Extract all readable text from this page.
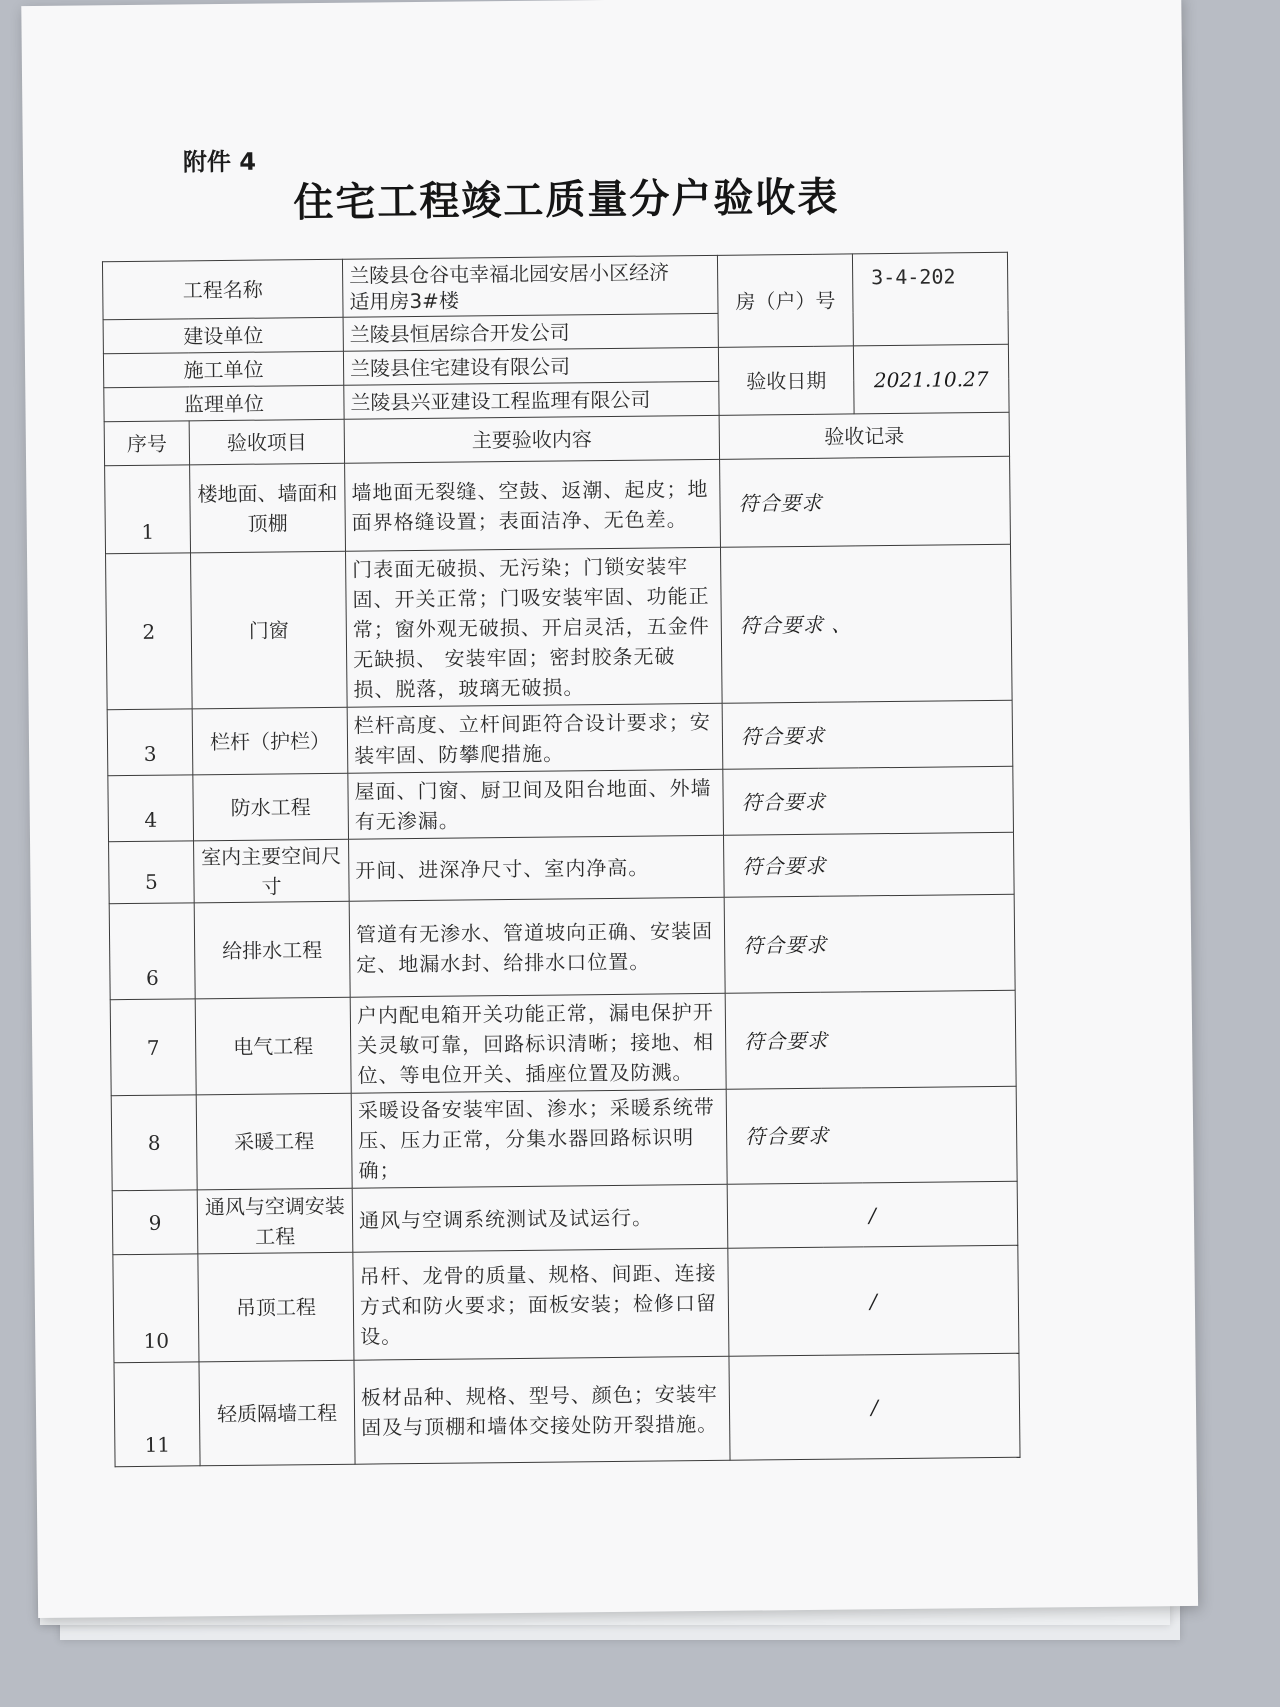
附件 4
住宅工程竣工质量分户验收表
工程名称		兰陵县仓谷屯幸福北园安居小区经济
适用房3#楼	房（户）号	3-4-202
建设单位		兰陵县恒居综合开发公司		
施工单位		兰陵县住宅建设有限公司	验收日期	2021.10.27
监理单位		兰陵县兴亚建设工程监理有限公司		
序号	验收项目	主要验收内容	验收记录	
1	楼地面、墙面和顶棚	墙地面无裂缝、空鼓、返潮、起皮；地面界格缝设置；表面洁净、无色差。	符合要求	
2	门窗	门表面无破损、无污染；门锁安装牢固、开关正常；门吸安装牢固、功能正常；窗外观无破损、开启灵活，五金件无缺损、 安装牢固；密封胶条无破损、脱落，玻璃无破损。	符合要求 、	
3	栏杆（护栏）	栏杆高度、立杆间距符合设计要求；安装牢固、防攀爬措施。	符合要求	
4	防水工程	屋面、门窗、厨卫间及阳台地面、外墙有无渗漏。	符合要求	
5	室内主要空间尺寸	开间、进深净尺寸、室内净高。	符合要求	
6	给排水工程	管道有无渗水、管道坡向正确、安装固定、地漏水封、给排水口位置。	符合要求	
7	电气工程	户内配电箱开关功能正常，漏电保护开关灵敏可靠，回路标识清晰；接地、相位、等电位开关、插座位置及防溅。	符合要求	
8	采暖工程	采暖设备安装牢固、渗水；采暖系统带压、压力正常，分集水器回路标识明确；	符合要求	
9	通风与空调安装工程	通风与空调系统测试及试运行。	/	
10	吊顶工程	吊杆、龙骨的质量、规格、间距、连接方式和防火要求；面板安装；检修口留设。	/	
11	轻质隔墙工程	板材品种、规格、型号、颜色；安装牢固及与顶棚和墙体交接处防开裂措施。	/	
